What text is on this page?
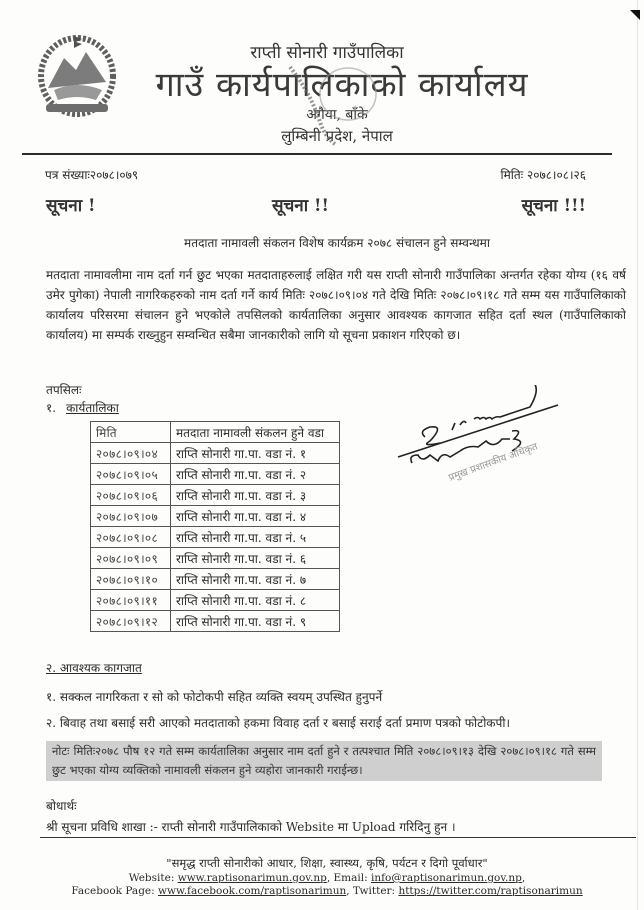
राप्ती सोनारी गाउँपालिका
गाउँ कार्यपालिकाको कार्यालय
अगैया, बाँके
लुम्बिनी प्रदेश, नेपाल
पत्र संख्याः२०७८।०७९	मितिः २०७८।०८।२६
सूचना !	सूचना !!	सूचना !!!
मतदाता नामावली संकलन विशेष कार्यक्रम २०७८ संचालन हुने सम्वन्धमा
मतदाता नामावलीमा नाम दर्ता गर्न छुट भएका मतदाताहरुलाई लक्षित गरी यस राप्ती सोनारी गाउँपालिका अन्तर्गत रहेका योग्य (१६ वर्ष उमेर पुगेका) नेपाली नागरिकहरुको नाम दर्ता गर्ने कार्य मितिः २०७८।०९।०४ गते देखि मितिः २०७८।०९।१८ गते सम्म यस गाउँपालिकाको कार्यालय परिसरमा संचालन हुने भएकोले तपसिलको कार्यतालिका अनुसार आवश्यक कागजात सहित दर्ता स्थल (गाउँपालिकाको कार्यालय) मा सम्पर्क राख्नुहुन सम्वन्धित सबैमा जानकारीको लागि यो सूचना प्रकाशन गरिएको छ।
तपसिलः
१. कार्यतालिका
मिति	मतदाता नामावली संकलन हुने वडा
२०७८।०९।०४	राप्ति सोनारी गा.पा. वडा नं. १
२०७८।०९।०५	राप्ति सोनारी गा.पा. वडा नं. २
२०७८।०९।०६	राप्ति सोनारी गा.पा. वडा नं. ३
२०७८।०९।०७	राप्ति सोनारी गा.पा. वडा नं. ४
२०७८।०९।०८	राप्ति सोनारी गा.पा. वडा नं. ५
२०७८।०९।०९	राप्ति सोनारी गा.पा. वडा नं. ६
२०७८।०९।१०	राप्ति सोनारी गा.पा. वडा नं. ७
२०७८।०९।११	राप्ति सोनारी गा.पा. वडा नं. ८
२०७८।०९।१२	राप्ति सोनारी गा.पा. वडा नं. ९
प्रमुख प्रशासकीय अधिकृत
२. आवश्यक कागजात
१. सक्कल नागरिकता र सो को फोटोकपी सहित व्यक्ति स्वयम् उपस्थित हुनुपर्ने
२. बिवाह तथा बसाई सरी आएको मतदाताको हकमा विवाह दर्ता र बसाई सराई दर्ता प्रमाण पत्रको फोटोकपी।
नोटः मितिः२०७८ पौष १२ गते सम्म कार्यतालिका अनुसार नाम दर्ता हुने र तत्पश्चात मिति २०७८।०९।१३ देखि २०७८।०९।१८ गते सम्म छुट भएका योग्य व्यक्तिको नामावली संकलन हुने व्यहोरा जानकारी गराईन्छ।
बोधार्थः
श्री सूचना प्रविधि शाखा :- राप्ती सोनारी गाउँपालिकाको Website मा Upload गरिदिनु हुन ।
"समृद्ध राप्ती सोनारीको आधार, शिक्षा, स्वास्थ्य, कृषि, पर्यटन र दिगो पूर्वाधार"
Website: www.raptisonarimun.gov.np, Email: info@raptisonarimun.gov.np,
Facebook Page: www.facebook.com/raptisonarimun, Twitter: https://twitter.com/raptisonarimun
